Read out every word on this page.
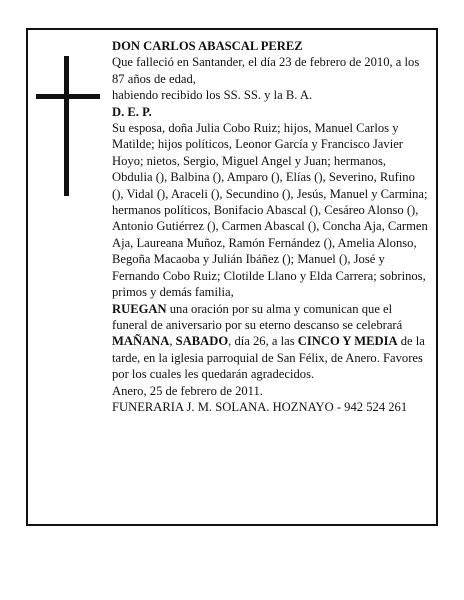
DON CARLOS ABASCAL PEREZ

Que falleció en Santander, el día 23 de febrero de 2010, a los 87 años de edad,

habiendo recibido los SS. SS. y la B. A.

D. E. P.

Su esposa, doña Julia Cobo Ruiz; hijos, Manuel Carlos y Matilde; hijos políticos, Leonor García y Francisco Javier Hoyo; nietos, Sergio, Miguel Angel y Juan; hermanos, Obdulia (), Balbina (), Amparo (), Elías (), Severino, Rufino (), Vidal (), Araceli (), Secundino (), Jesús, Manuel y Carmina; hermanos políticos, Bonifacio Abascal (), Cesáreo Alonso (), Antonio Gutiérrez (), Carmen Abascal (), Concha Aja, Carmen Aja, Laureana Muñoz, Ramón Fernández (), Amelia Alonso, Begoña Macaoba y Julián Ibáñez (); Manuel (), José y Fernando Cobo Ruiz; Clotilde Llano y Elda Carrera; sobrinos, primos y demás familia,

RUEGAN una oración por su alma y comunican que el funeral de aniversario por su eterno descanso se celebrará MAÑANA, SABADO, día 26, a las CINCO Y MEDIA de la tarde, en la iglesia parroquial de San Félix, de Anero. Favores por los cuales les quedarán agradecidos.

Anero, 25 de febrero de 2011.

FUNERARIA J. M. SOLANA. HOZNAYO - 942 524 261
